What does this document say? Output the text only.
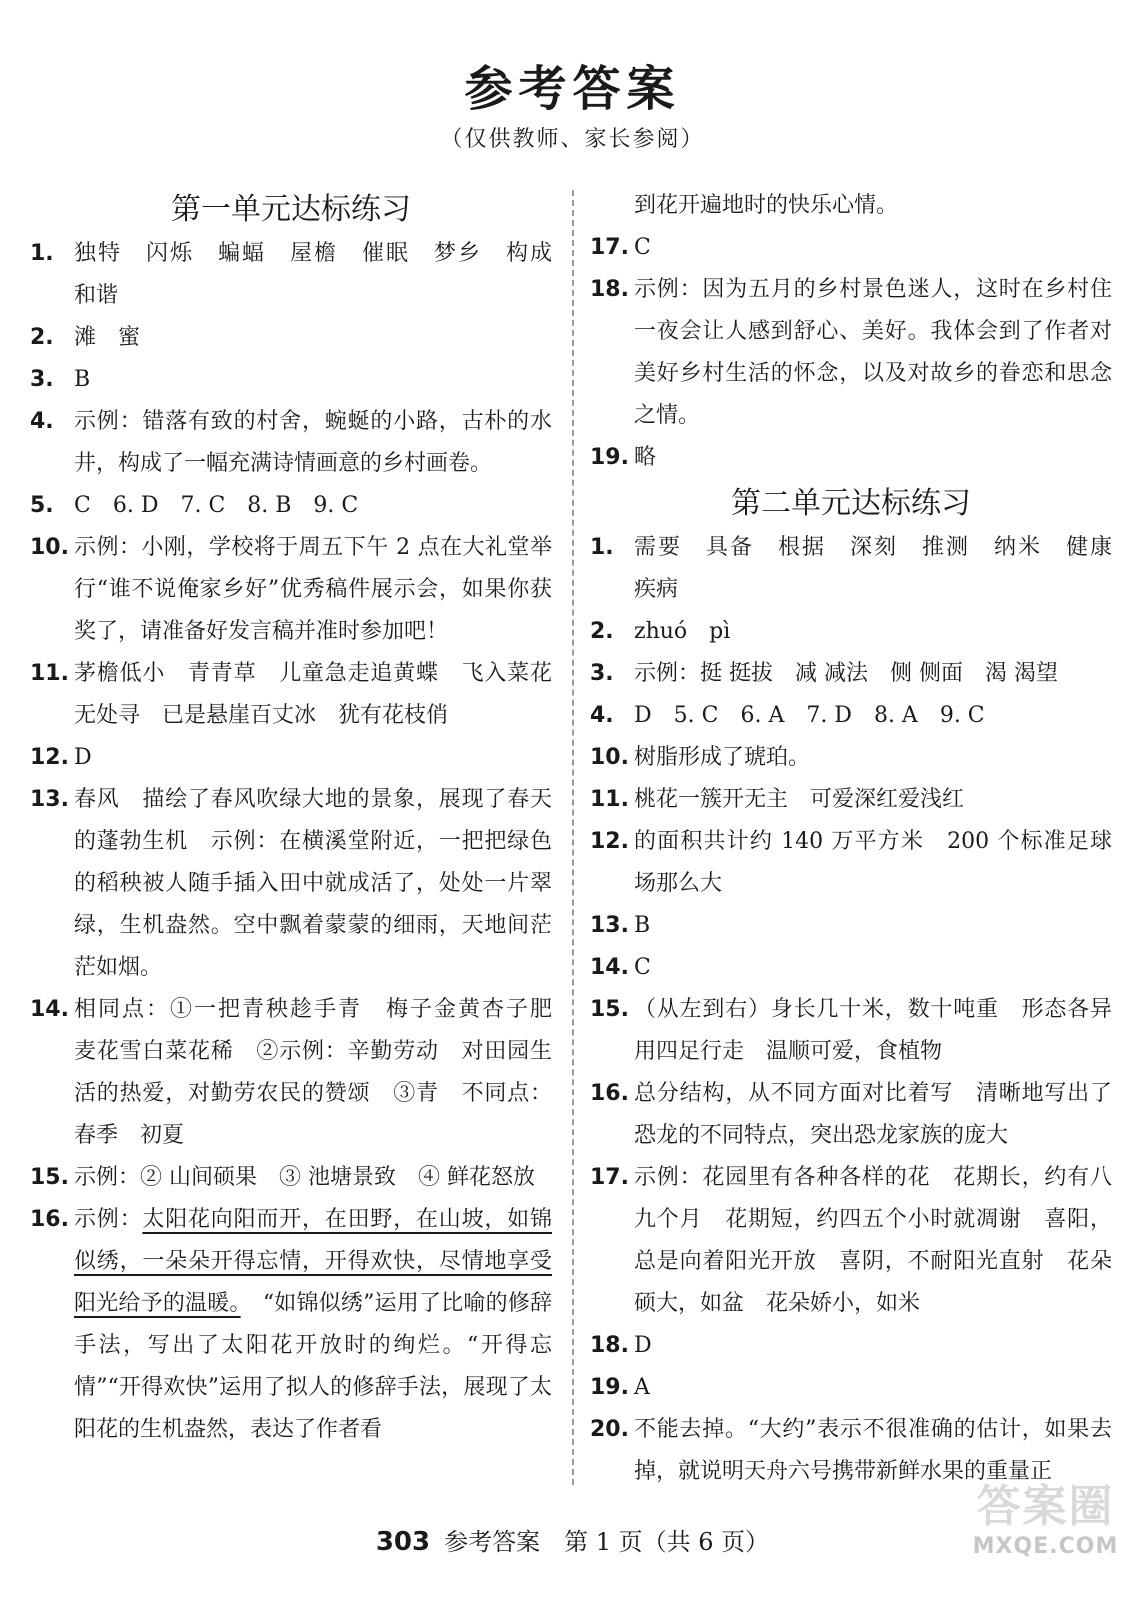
参考答案
（仅供教师、家长参阅）
第一单元达标练习
1. 独特　闪烁　蝙蝠　屋檐　催眠　梦乡　构成　和谐
2. 滩　蜜
3. B
4. 示例：错落有致的村舍，蜿蜒的小路，古朴的水井，构成了一幅充满诗情画意的乡村画卷。
5. C　6. D　7. C　8. B　9. C
10. 示例：小刚，学校将于周五下午 2 点在大礼堂举行“谁不说俺家乡好”优秀稿件展示会，如果你获奖了，请准备好发言稿并准时参加吧！
11. 茅檐低小　青青草　儿童急走追黄蝶　飞入菜花无处寻　已是悬崖百丈冰　犹有花枝俏
12. D
13. 春风　描绘了春风吹绿大地的景象，展现了春天的蓬勃生机　示例：在横溪堂附近，一把把绿色的稻秧被人随手插入田中就成活了，处处一片翠绿，生机盎然。空中飘着蒙蒙的细雨，天地间茫茫如烟。
14. 相同点：①一把青秧趁手青　梅子金黄杏子肥　麦花雪白菜花稀　②示例：辛勤劳动　对田园生活的热爱，对勤劳农民的赞颂　③青　不同点：春季　初夏
15. 示例：② 山间硕果　③ 池塘景致　④ 鲜花怒放
16. 示例：太阳花向阳而开，在田野，在山坡，如锦似绣，一朵朵开得忘情，开得欢快，尽情地享受阳光给予的温暖。　“如锦似绣”运用了比喻的修辞手法，写出了太阳花开放时的绚烂。“开得忘情”“开得欢快”运用了拟人的修辞手法，展现了太阳花的生机盎然，表达了作者看
到花开遍地时的快乐心情。
17. C
18. 示例：因为五月的乡村景色迷人，这时在乡村住一夜会让人感到舒心、美好。我体会到了作者对美好乡村生活的怀念，以及对故乡的眷恋和思念之情。
19. 略
第二单元达标练习
1. 需要　具备　根据　深刻　推测　纳米　健康　疾病
2. zhuó　pì
3. 示例：挺 挺拔　减 减法　侧 侧面　渴 渴望
4. D　5. C　6. A　7. D　8. A　9. C
10. 树脂形成了琥珀。
11. 桃花一簇开无主　可爱深红爱浅红
12. 的面积共计约 140 万平方米　200 个标准足球场那么大
13. B
14. C
15. （从左到右）身长几十米，数十吨重　形态各异　用四足行走　温顺可爱，食植物
16. 总分结构，从不同方面对比着写　清晰地写出了恐龙的不同特点，突出恐龙家族的庞大
17. 示例：花园里有各种各样的花　花期长，约有八九个月　花期短，约四五个小时就凋谢　喜阳，总是向着阳光开放　喜阴，不耐阳光直射　花朵硕大，如盆　花朵娇小，如米
18. D
19. A
20. 不能去掉。“大约”表示不很准确的估计，如果去掉，就说明天舟六号携带新鲜水果的重量正
303 参考答案　第 1 页（共 6 页）
答案圈
MXQE.COM
